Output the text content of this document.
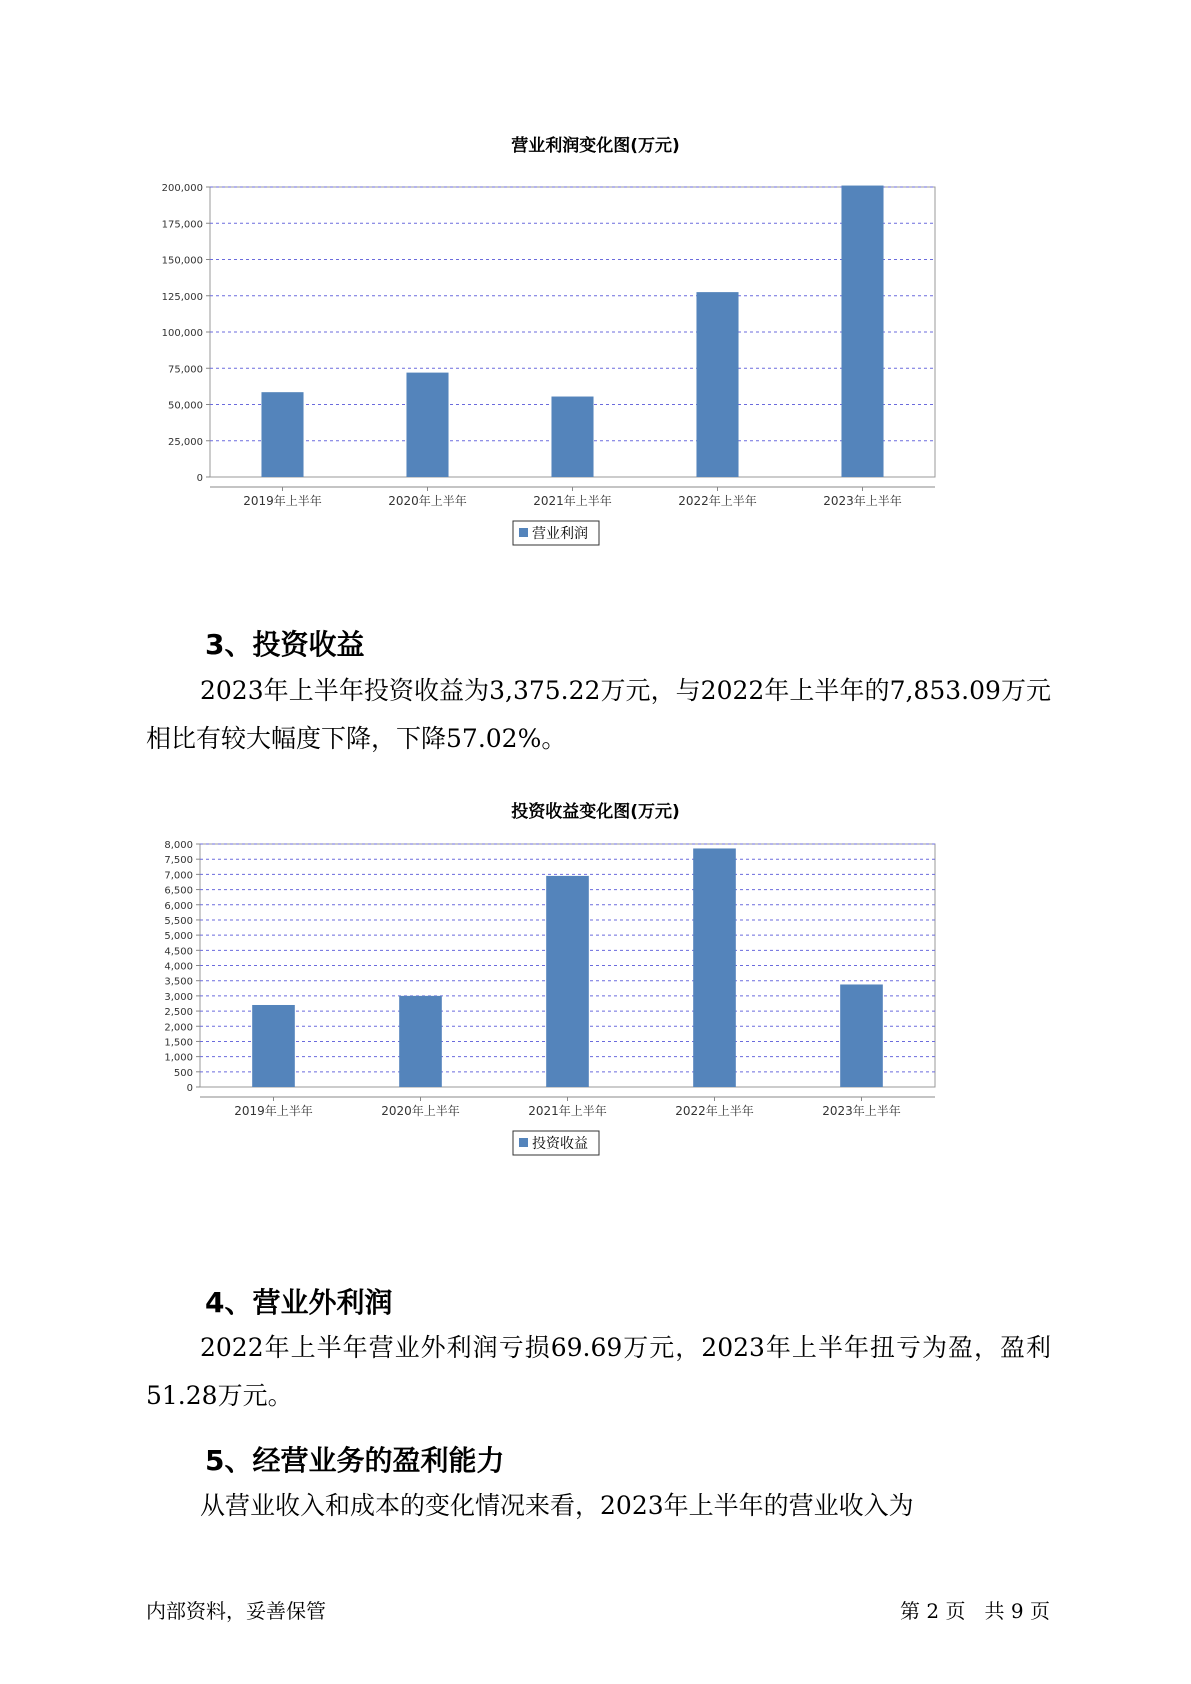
营业利润变化图(万元)
0
25,000
50,000
75,000
100,000
125,000
150,000
175,000
200,000
2019年上半年	2020年上半年	2021年上半年	2022年上半年	2023年上半年
营业利润
3、投资收益
2023年上半年投资收益为3,375.22万元，与2022年上半年的7,853.09万元相比有较大幅度下降，下降57.02%。
投资收益变化图(万元)
0
500
1,000
1,500
2,000
2,500
3,000
3,500
4,000
4,500
5,000
5,500
6,000
6,500
7,000
7,500
8,000
2019年上半年	2020年上半年	2021年上半年	2022年上半年	2023年上半年
投资收益
4、营业外利润
2022年上半年营业外利润亏损69.69万元，2023年上半年扭亏为盈，盈利51.28万元。
5、经营业务的盈利能力
从营业收入和成本的变化情况来看，2023年上半年的营业收入为
内部资料，妥善保管	第 2 页   共 9 页
